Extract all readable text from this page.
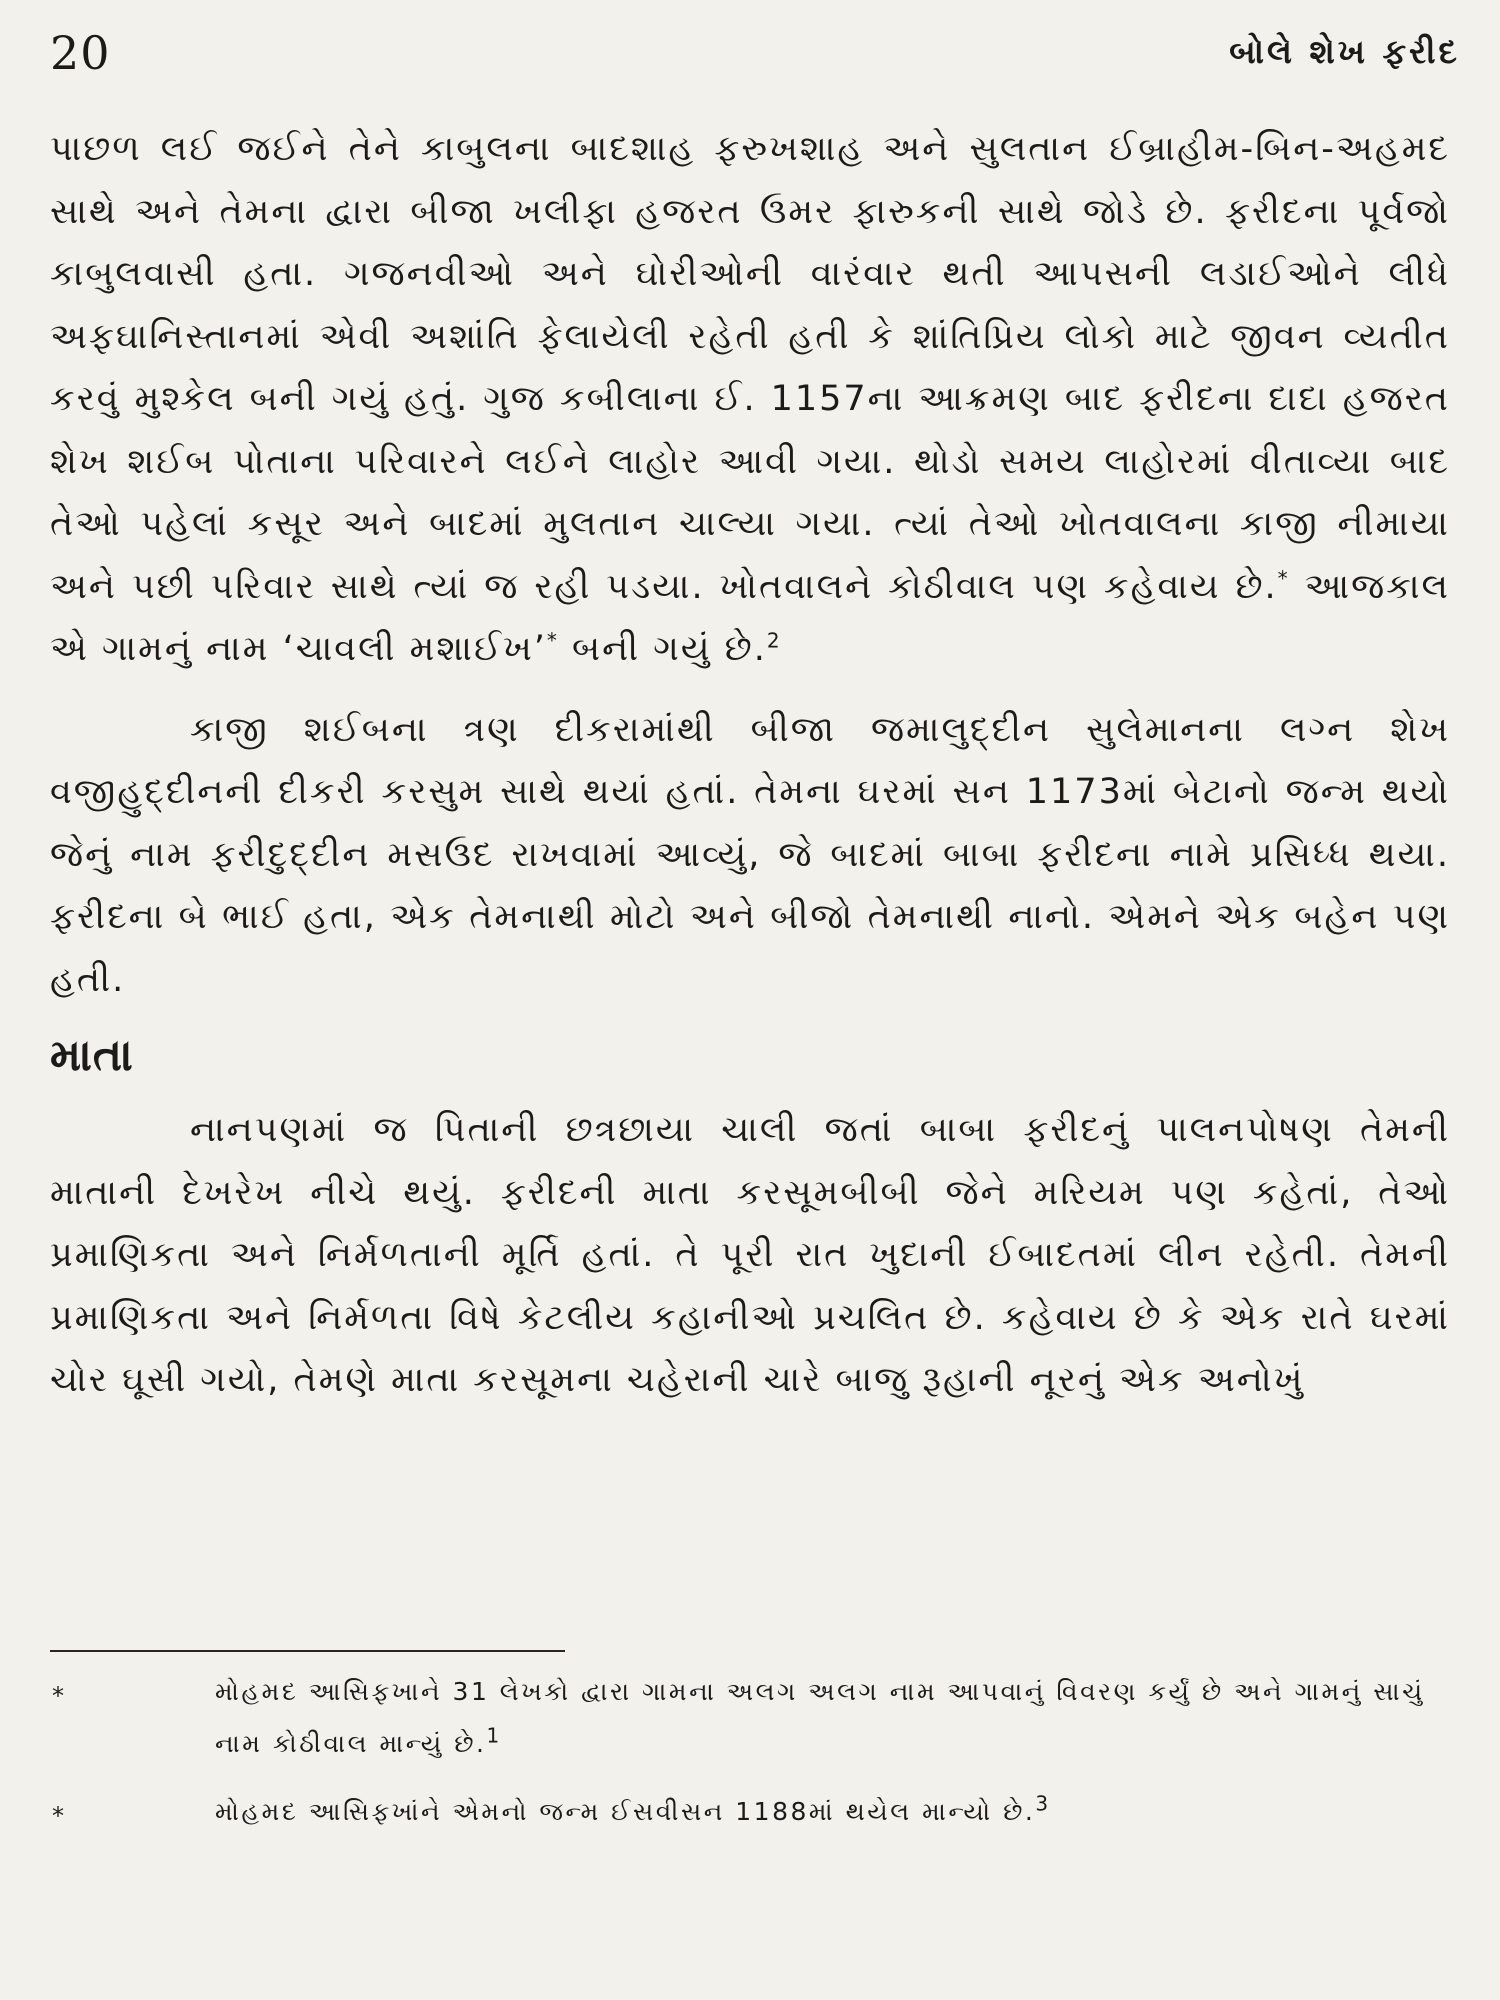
20	બોલે શેખ ફરીદ

પાછળ લઈ જઈને તેને કાબુલના બાદશાહ ફરુખશાહ અને સુલતાન ઈબ્રાહીમ-બિન-અહમદ સાથે અને તેમના દ્વારા બીજા ખલીફા હજરત ઉમર ફારુકની સાથે જોડે છે. ફરીદના પૂર્વજો કાબુલવાસી હતા. ગજનવીઓ અને ઘોરીઓની વારંવાર થતી આપસની લડાઈઓને લીધે અફઘાનિસ્તાનમાં એવી અશાંતિ ફેલાયેલી રહેતી હતી કે શાંતિપ્રિય લોકો માટે જીવન વ્યતીત કરવું મુશ્કેલ બની ગયું હતું. ગુજ કબીલાના ઈ. 1157ના આક્રમણ બાદ ફરીદના દાદા હજરત શેખ શઈબ પોતાના પરિવારને લઈને લાહોર આવી ગયા. થોડો સમય લાહોરમાં વીતાવ્યા બાદ તેઓ પહેલાં કસૂર અને બાદમાં મુલતાન ચાલ્યા ગયા. ત્યાં તેઓ ખોતવાલના કાજી નીમાયા અને પછી પરિવાર સાથે ત્યાં જ રહી પડયા. ખોતવાલને કોઠીવાલ પણ કહેવાય છે.* આજકાલ એ ગામનું નામ ‘ચાવલી મશાઈખ’* બની ગયું છે.$^2$

કાજી શઈબના ત્રણ દીકરામાંથી બીજા જમાલુદ્દીન સુલેમાનના લગ્ન શેખ વજીહુદ્દીનની દીકરી કરસુમ સાથે થયાં હતાં. તેમના ઘરમાં સન 1173માં બેટાનો જન્મ થયો જેનું નામ ફરીદુદ્દીન મસઉદ રાખવામાં આવ્યું, જે બાદમાં બાબા ફરીદના નામે પ્રસિધ્ધ થયા. ફરીદના બે ભાઈ હતા, એક તેમનાથી મોટો અને બીજો તેમનાથી નાનો. એમને એક બહેન પણ હતી.

માતા

નાનપણમાં જ પિતાની છત્રછાયા ચાલી જતાં બાબા ફરીદનું પાલનપોષણ તેમની માતાની દેખરેખ નીચે થયું. ફરીદની માતા કરસૂમબીબી જેને મરિયમ પણ કહેતાં, તેઓ પ્રમાણિકતા અને નિર્મળતાની મૂર્તિ હતાં. તે પૂરી રાત ખુદાની ઈબાદતમાં લીન રહેતી. તેમની પ્રમાણિકતા અને નિર્મળતા વિષે કેટલીય કહાનીઓ પ્રચલિત છે. કહેવાય છે કે એક રાતે ઘરમાં ચોર ઘૂસી ગયો, તેમણે માતા કરસૂમના ચહેરાની ચારે બાજુ રૂહાની નૂરનું એક અનોખું

*	મોહમદ આસિફખાને 31 લેખકો દ્વારા ગામના અલગ અલગ નામ આપવાનું વિવરણ કર્યું છે અને ગામનું સાચું નામ કોઠીવાલ માન્યું છે.$^1$
*	મોહમદ આસિફખાંને એમનો જન્મ ઈસવીસન 1188માં થયેલ માન્યો છે.$^3$
